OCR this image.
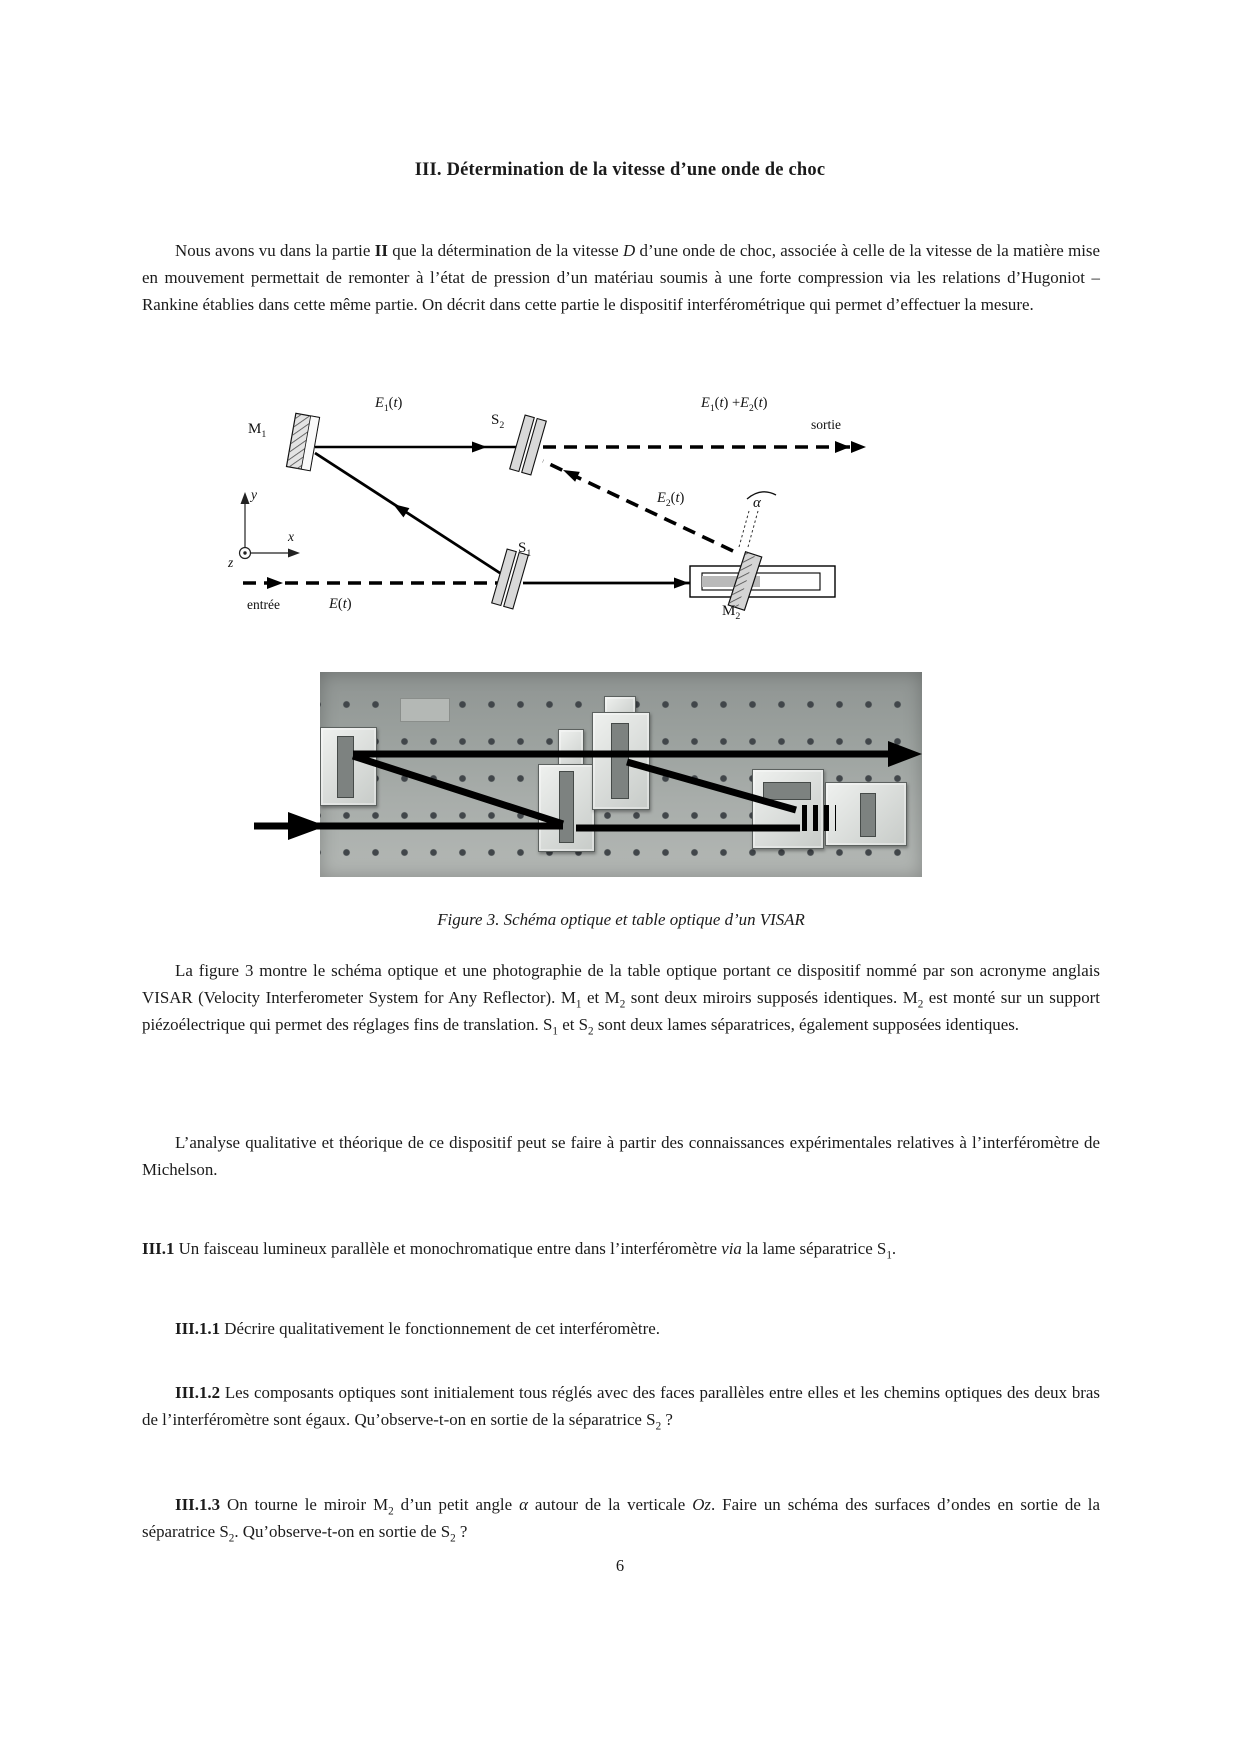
III. Détermination de la vitesse d’une onde de choc

Nous avons vu dans la partie II que la détermination de la vitesse D d’une onde de choc, associée à celle de la vitesse de la matière mise en mouvement permettait de remonter à l’état de pression d’un matériau soumis à une forte compression via les relations d’Hugoniot – Rankine établies dans cette même partie. On décrit dans cette partie le dispositif interférométrique qui permet d’effectuer la mesure.

$M_1$
$E_1(t)$
$S_2$
$E_1(t) +E_2(t)$
sortie
$E_2(t)$	α
y
x
z
$S_1$
entrée	E(t)	$M_2$

Figure 3. Schéma optique et table optique d’un VISAR

La figure 3 montre le schéma optique et une photographie de la table optique portant ce dispositif nommé par son acronyme anglais VISAR (Velocity Interferometer System for Any Reflector). $M_1$ et $M_2$ sont deux miroirs supposés identiques. $M_2$ est monté sur un support piézoélectrique qui permet des réglages fins de translation. $S_1$ et $S_2$ sont deux lames séparatrices, également supposées identiques.

L’analyse qualitative et théorique de ce dispositif peut se faire à partir des connaissances expérimentales relatives à l’interféromètre de Michelson.

III.1 Un faisceau lumineux parallèle et monochromatique entre dans l’interféromètre via la lame séparatrice $S_1$.

III.1.1 Décrire qualitativement le fonctionnement de cet interféromètre.

III.1.2 Les composants optiques sont initialement tous réglés avec des faces parallèles entre elles et les chemins optiques des deux bras de l’interféromètre sont égaux. Qu’observe-t-on en sortie de la séparatrice $S_2$ ?

III.1.3 On tourne le miroir $M_2$ d’un petit angle α autour de la verticale Oz. Faire un schéma des surfaces d’ondes en sortie de la séparatrice $S_2$. Qu’observe-t-on en sortie de $S_2$ ?

6
